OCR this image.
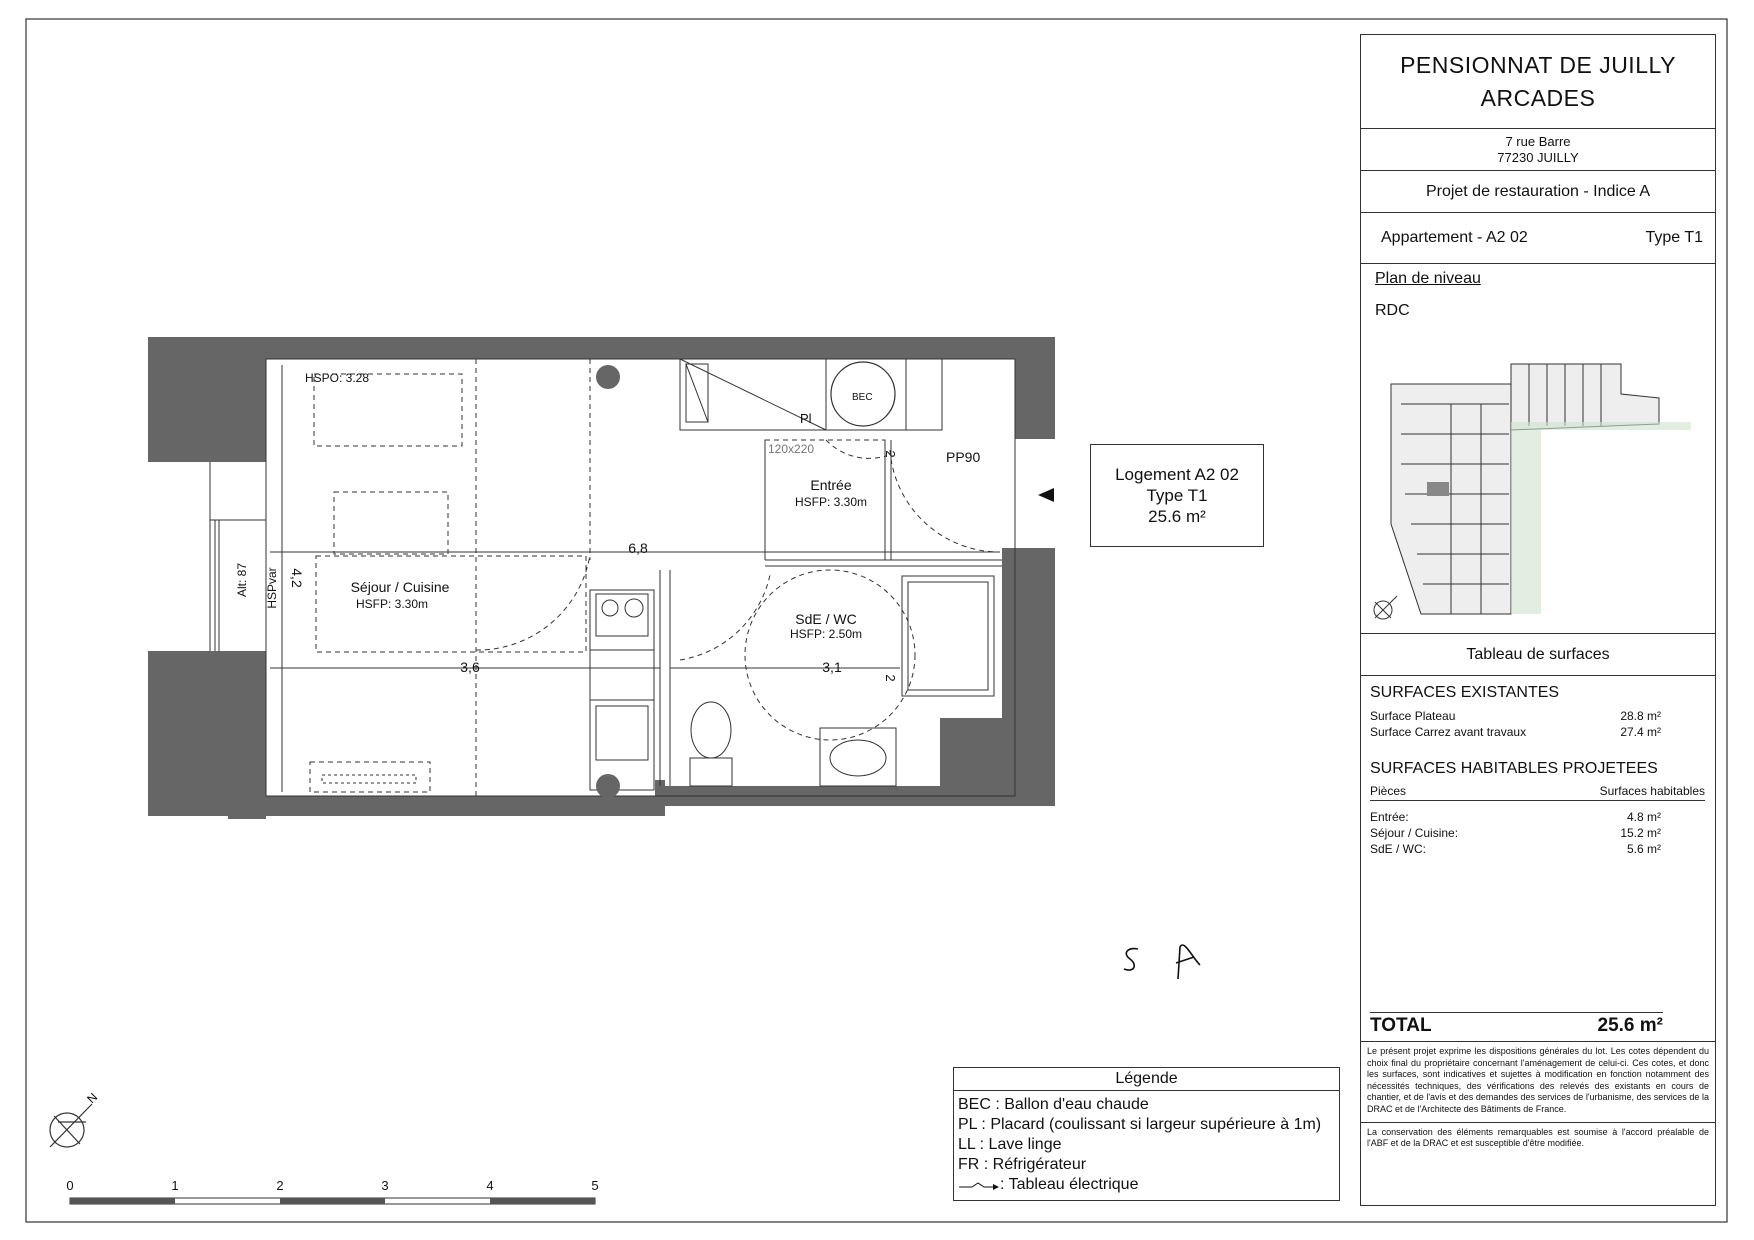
HSPO: 3.28
BEC
Pl
120x220	PP90
Entrée
HSFP: 3.30m
Séjour / Cuisine
HSFP: 3.30m
SdE / WC
HSFP: 2.50m
6,8
3,6	3,1
4,2
2
2
HSPvar
Alt: 87
N
0	1	2	3	4	5
Logement A2 02
Type T1
25.6 m²
Légende
BEC : Ballon d'eau chaude
PL : Placard (coulissant si largeur supérieure à 1m)
LL : Lave linge
FR : Réfrigérateur
: Tableau électrique
PENSIONNAT DE JUILLY
ARCADES
7 rue Barre
77230 JUILLY
Projet de restauration - Indice A
Appartement - A2 02	Type T1
Plan de niveau
RDC
Tableau de surfaces
SURFACES EXISTANTES
Surface Plateau	28.8 m²
Surface Carrez avant travaux	27.4 m²
SURFACES HABITABLES PROJETEES
Pièces	Surfaces habitables
Entrée:	4.8 m²
Séjour / Cuisine:	15.2 m²
SdE / WC:	5.6 m²
TOTAL	25.6 m²
Le présent projet exprime les dispositions générales du lot. Les cotes dépendent du choix final du propriétaire concernant l'aménagement de celui-ci. Ces cotes, et donc les surfaces, sont indicatives et sujettes à modification en fonction notamment des nécessités techniques, des vérifications des relevés des existants en cours de chantier, et de l'avis et des demandes des services de l'urbanisme, des services de la DRAC et de l'Architecte des Bâtiments de France.
La conservation des éléments remarquables est soumise à l'accord préalable de l'ABF et de la DRAC et est susceptible d'être modifiée.
